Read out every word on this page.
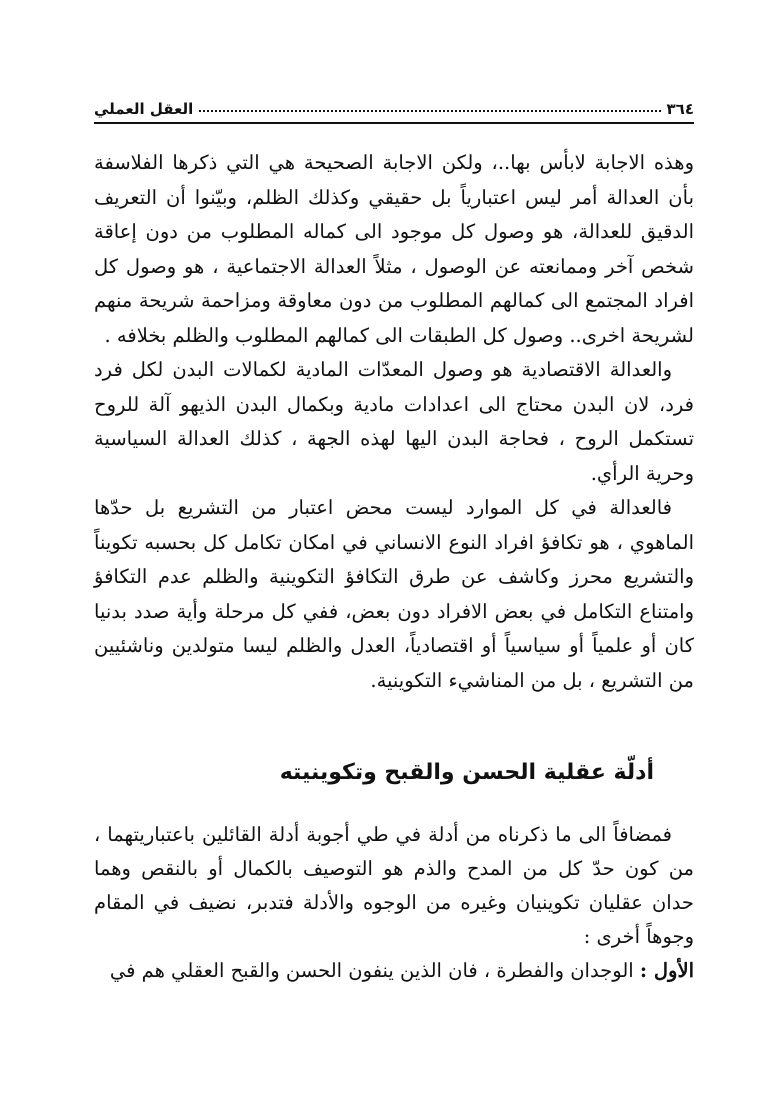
٣٦٤
العقل العملي

وهذه الاجابة لابأس بها..، ولكن الاجابة الصحيحة هي التي ذكرها الفلاسفة بأن العدالة أمر ليس اعتبارياً بل حقيقي وكذلك الظلم، وبيّنوا أن التعريف الدقيق للعدالة، هو وصول كل موجود الى كماله المطلوب من دون إعاقة شخص آخر وممانعته عن الوصول ، مثلاً العدالة الاجتماعية ، هو وصول كل افراد المجتمع الى كمالهم المطلوب من دون معاوقة ومزاحمة شريحة منهم لشريحة اخرى.. وصول كل الطبقات الى كمالهم المطلوب والظلم بخلافه .

والعدالة الاقتصادية هو وصول المعدّات المادية لكمالات البدن لكل فرد فرد، لان البدن محتاج الى اعدادات مادية وبكمال البدن الذيهو آلة للروح تستكمل الروح ، فحاجة البدن اليها لهذه الجهة ، كذلك العدالة السياسية وحرية الرأي.

فالعدالة في كل الموارد ليست محض اعتبار من التشريع بل حدّها الماهوي ، هو تكافؤ افراد النوع الانساني في امكان تكامل كل بحسبه تكويناً والتشريع محرز وكاشف عن طرق التكافؤ التكوينية والظلم عدم التكافؤ وامتناع التكامل في بعض الافراد دون بعض، ففي كل مرحلة وأية صدد بدنيا كان أو علمياً أو سياسياً أو اقتصادياً، العدل والظلم ليسا متولدين وناشئيين من التشريع ، بل من المناشيء التكوينية.

أدلّة عقلية الحسن والقبح وتكوينيته

فمضافاً الى ما ذكرناه من أدلة في طي أجوبة أدلة القائلين باعتباريتهما ، من كون حدّ كل من المدح والذم هو التوصيف بالكمال أو بالنقص وهما حدان عقليان تكوينيان وغيره من الوجوه والأدلة فتدبر، نضيف في المقام وجوهاً أخرى :

الأول : الوجدان والفطرة ، فان الذين ينفون الحسن والقبح العقلي هم في
